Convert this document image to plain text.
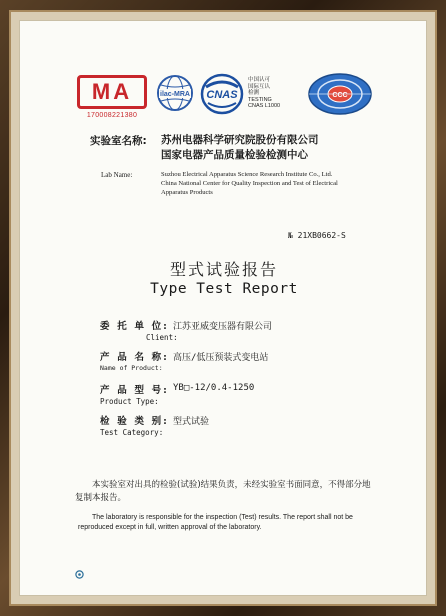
MA
170008221380
ilac-MRA CNAS
中国认可
国际互认
检测
TESTING
CNAS L1000
CCC
实验室名称: 苏州电器科学研究院股份有限公司
国家电器产品质量检验检测中心
Lab Name:	Suzhou Electrical Apparatus Science Research Institute Co., Ltd.
China National Center for Quality Inspection and Test of Electrical
Apparatus Products
№ 21XB0662-S
型式试验报告
Type Test Report
委 托 单 位: 江苏亚威变压器有限公司
Client:
产 品 名 称: 高压/低压预装式变电站
Name of Product:
产 品 型 号: YB□-12/0.4-1250
Product Type:
检 验 类 别: 型式试验
Test Category:
本实验室对出具的检验(试验)结果负责，未经实验室书面同意，不得部分地复制本报告。
The laboratory is responsible for the inspection (Test) results. The report shall not be reproduced except in full, written approval of the laboratory.
